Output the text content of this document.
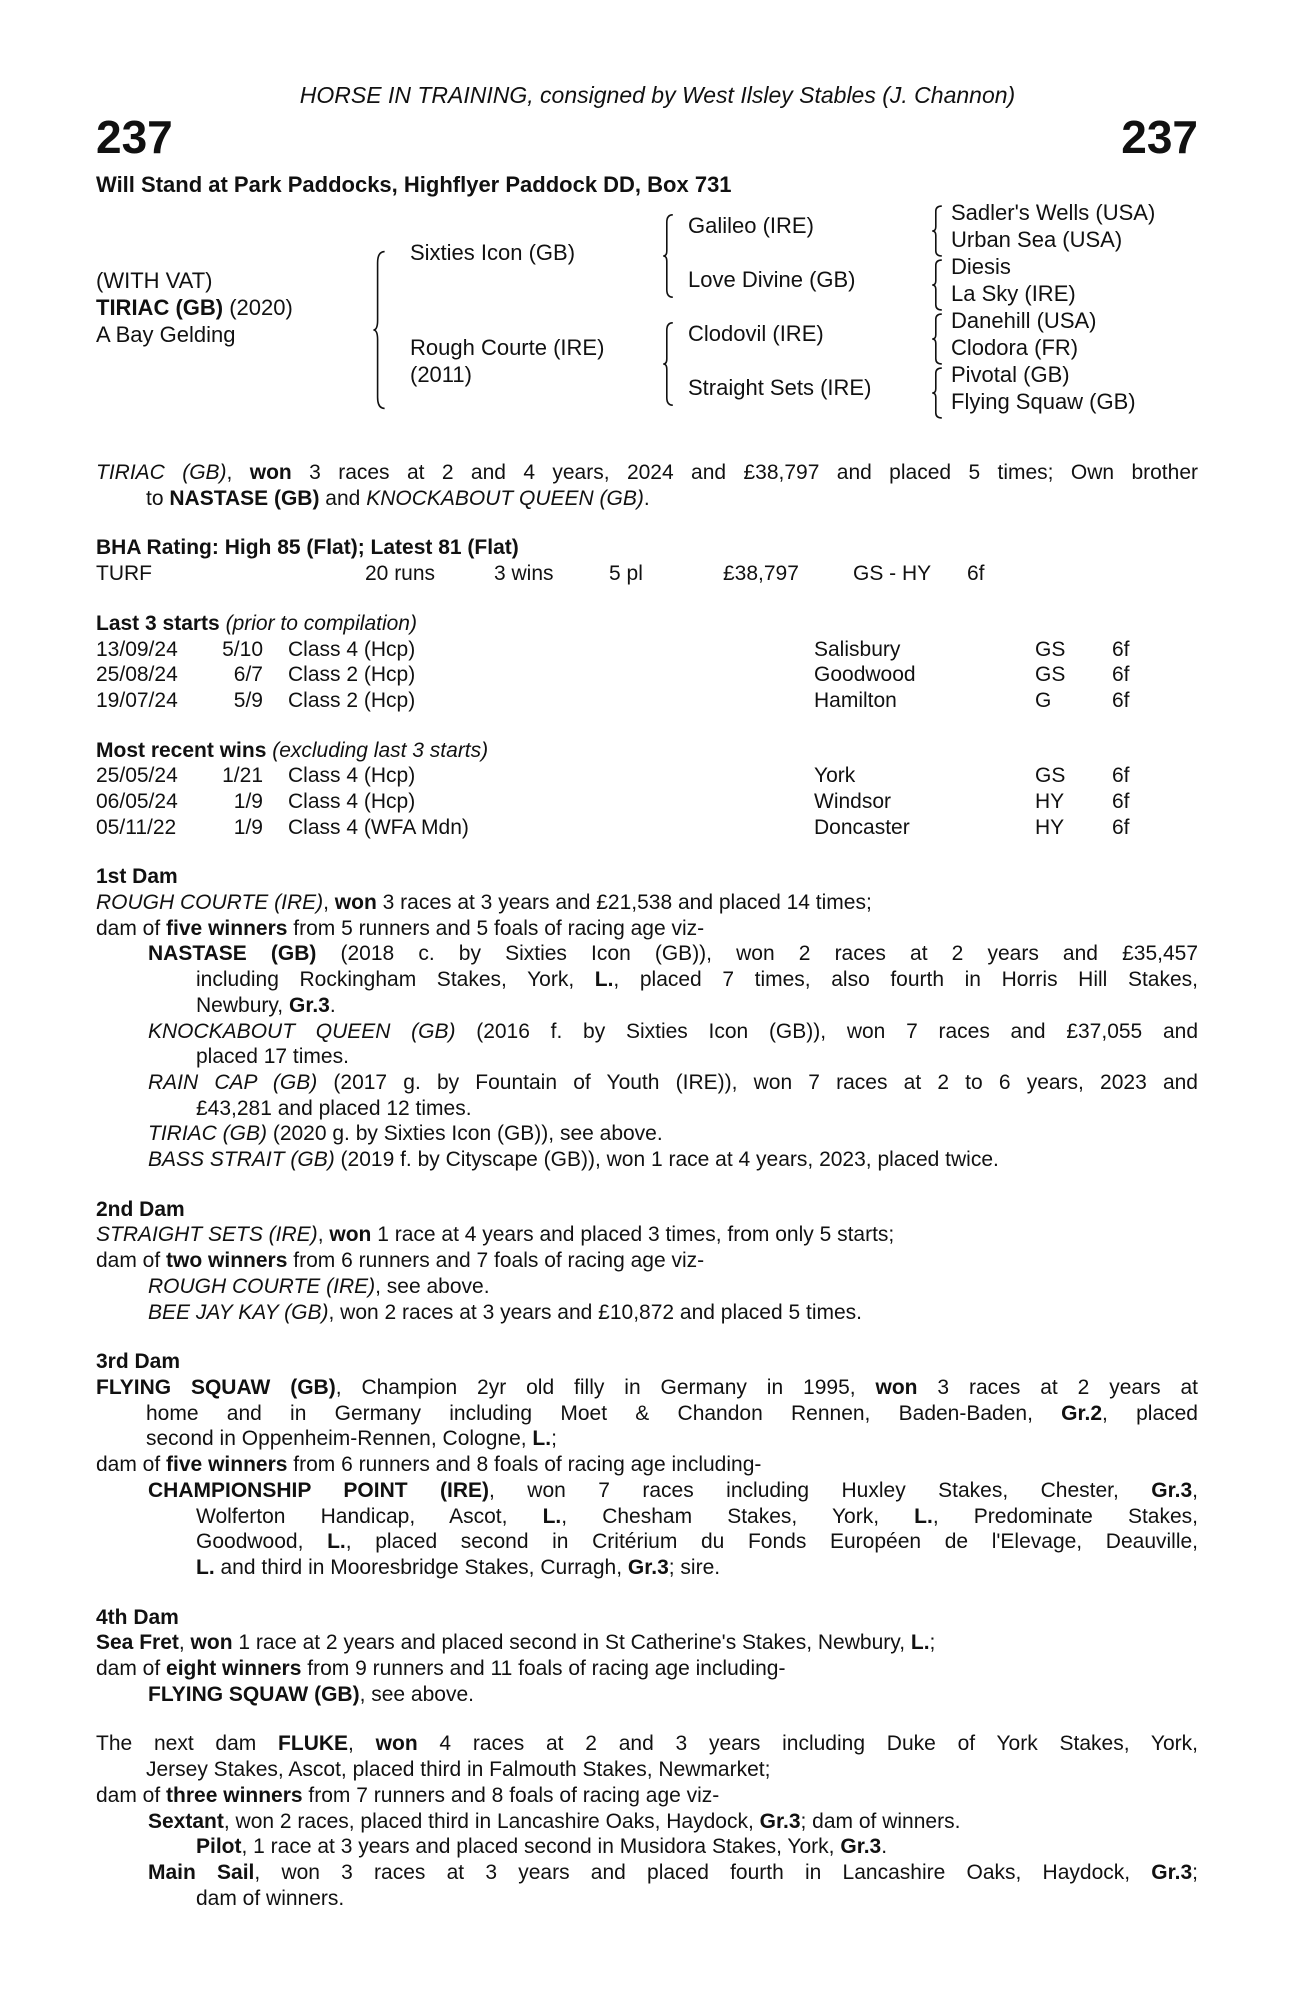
HORSE IN TRAINING, consigned by West Ilsley Stables (J. Channon)
237	237
Will Stand at Park Paddocks, Highflyer Paddock DD, Box 731
(WITH VAT)
TIRIAC (GB) (2020)
A Bay Gelding
Sixties Icon (GB)
Rough Courte (IRE)
(2011)
Galileo (IRE)
Love Divine (GB)
Clodovil (IRE)
Straight Sets (IRE)
Sadler's Wells (USA)
Urban Sea (USA)
Diesis
La Sky (IRE)
Danehill (USA)
Clodora (FR)
Pivotal (GB)
Flying Squaw (GB)
TIRIAC (GB), won 3 races at 2 and 4 years, 2024 and £38,797 and placed 5 times; Own brother
to NASTASE (GB) and KNOCKABOUT QUEEN (GB).
BHA Rating: High 85 (Flat); Latest 81 (Flat)
TURF	20 runs	3 wins	5 pl	£38,797	GS - HY 6f
Last 3 starts (prior to compilation)
13/09/24 5/10 Class 4 (Hcp)	Salisbury	GS 6f
25/08/24	6/7 Class 2 (Hcp)	Goodwood	GS 6f
19/07/24	5/9 Class 2 (Hcp)	Hamilton	G	6f
Most recent wins (excluding last 3 starts)
25/05/24 1/21 Class 4 (Hcp)	York	GS 6f
06/05/24	1/9 Class 4 (Hcp)	Windsor	HY 6f
05/11/22	1/9 Class 4 (WFA Mdn)	Doncaster	HY 6f
1st Dam
ROUGH COURTE (IRE), won 3 races at 3 years and £21,538 and placed 14 times;
dam of five winners from 5 runners and 5 foals of racing age viz-
NASTASE (GB) (2018 c. by Sixties Icon (GB)), won 2 races at 2 years and £35,457
including Rockingham Stakes, York, L., placed 7 times, also fourth in Horris Hill Stakes,
Newbury, Gr.3.
KNOCKABOUT QUEEN (GB) (2016 f. by Sixties Icon (GB)), won 7 races and £37,055 and
placed 17 times.
RAIN CAP (GB) (2017 g. by Fountain of Youth (IRE)), won 7 races at 2 to 6 years, 2023 and
£43,281 and placed 12 times.
TIRIAC (GB) (2020 g. by Sixties Icon (GB)), see above.
BASS STRAIT (GB) (2019 f. by Cityscape (GB)), won 1 race at 4 years, 2023, placed twice.
2nd Dam
STRAIGHT SETS (IRE), won 1 race at 4 years and placed 3 times, from only 5 starts;
dam of two winners from 6 runners and 7 foals of racing age viz-
ROUGH COURTE (IRE), see above.
BEE JAY KAY (GB), won 2 races at 3 years and £10,872 and placed 5 times.
3rd Dam
FLYING SQUAW (GB), Champion 2yr old filly in Germany in 1995, won 3 races at 2 years at
home and in Germany including Moet & Chandon Rennen, Baden-Baden, Gr.2, placed
second in Oppenheim-Rennen, Cologne, L.;
dam of five winners from 6 runners and 8 foals of racing age including-
CHAMPIONSHIP POINT (IRE), won 7 races including Huxley Stakes, Chester, Gr.3,
Wolferton Handicap, Ascot, L., Chesham Stakes, York, L., Predominate Stakes,
Goodwood, L., placed second in Critérium du Fonds Européen de l'Elevage, Deauville,
L. and third in Mooresbridge Stakes, Curragh, Gr.3; sire.
4th Dam
Sea Fret, won 1 race at 2 years and placed second in St Catherine's Stakes, Newbury, L.;
dam of eight winners from 9 runners and 11 foals of racing age including-
FLYING SQUAW (GB), see above.
The next dam FLUKE, won 4 races at 2 and 3 years including Duke of York Stakes, York,
Jersey Stakes, Ascot, placed third in Falmouth Stakes, Newmarket;
dam of three winners from 7 runners and 8 foals of racing age viz-
Sextant, won 2 races, placed third in Lancashire Oaks, Haydock, Gr.3; dam of winners.
Pilot, 1 race at 3 years and placed second in Musidora Stakes, York, Gr.3.
Main Sail, won 3 races at 3 years and placed fourth in Lancashire Oaks, Haydock, Gr.3;
dam of winners.
